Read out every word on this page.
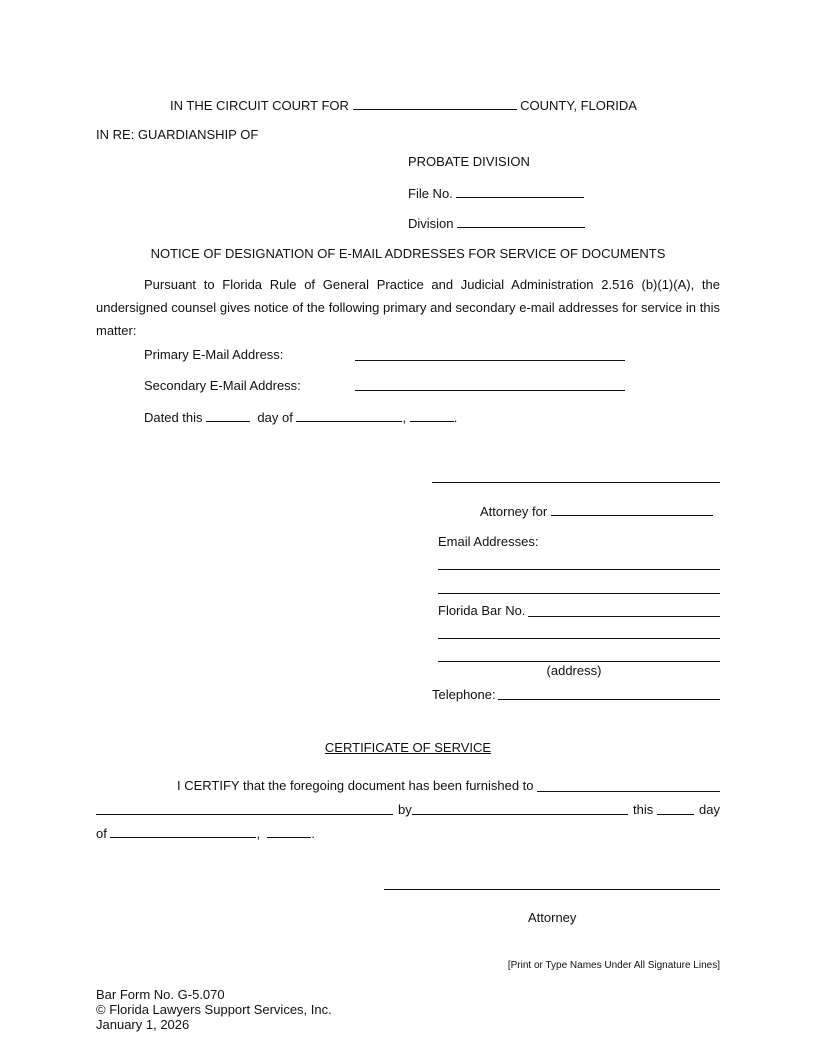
IN THE CIRCUIT COURT FOR	COUNTY, FLORIDA
IN RE: GUARDIANSHIP OF
PROBATE DIVISION
File No.
Division
NOTICE OF DESIGNATION OF E-MAIL ADDRESSES FOR SERVICE OF DOCUMENTS
Pursuant to Florida Rule of General Practice and Judicial Administration 2.516 (b)(1)(A), the undersigned counsel gives notice of the following primary and secondary e-mail addresses for service in this matter:
Primary E-Mail Address:
Secondary E-Mail Address:
Dated this	day of	,	.
Attorney for
Email Addresses:
Florida Bar No.
(address)
Telephone:
CERTIFICATE OF SERVICE
I CERTIFY that the foregoing document has been furnished to
by	this	day
of	,	.
Attorney
[Print or Type Names Under All Signature Lines]
Bar Form No. G-5.070
© Florida Lawyers Support Services, Inc.
January 1, 2026
